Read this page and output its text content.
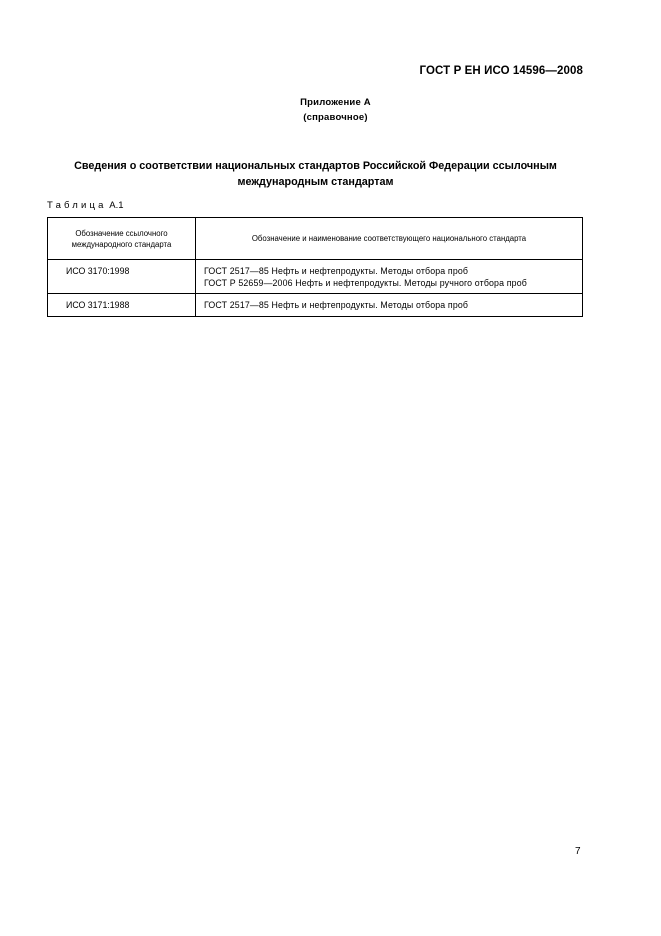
ГОСТ Р ЕН ИСО 14596—2008
Приложение А
(справочное)
Сведения о соответствии национальных стандартов Российской Федерации ссылочным
международным стандартам
Таблица А.1
Обозначение ссылочного международного стандарта	Обозначение и наименование соответствующего национального стандарта
ИСО 3170:1998	ГОСТ 2517—85 Нефть и нефтепродукты. Методы отбора проб
ГОСТ Р 52659—2006 Нефть и нефтепродукты. Методы ручного отбора проб

ИСО 3171:1988	ГОСТ 2517—85 Нефть и нефтепродукты. Методы отбора проб
7
